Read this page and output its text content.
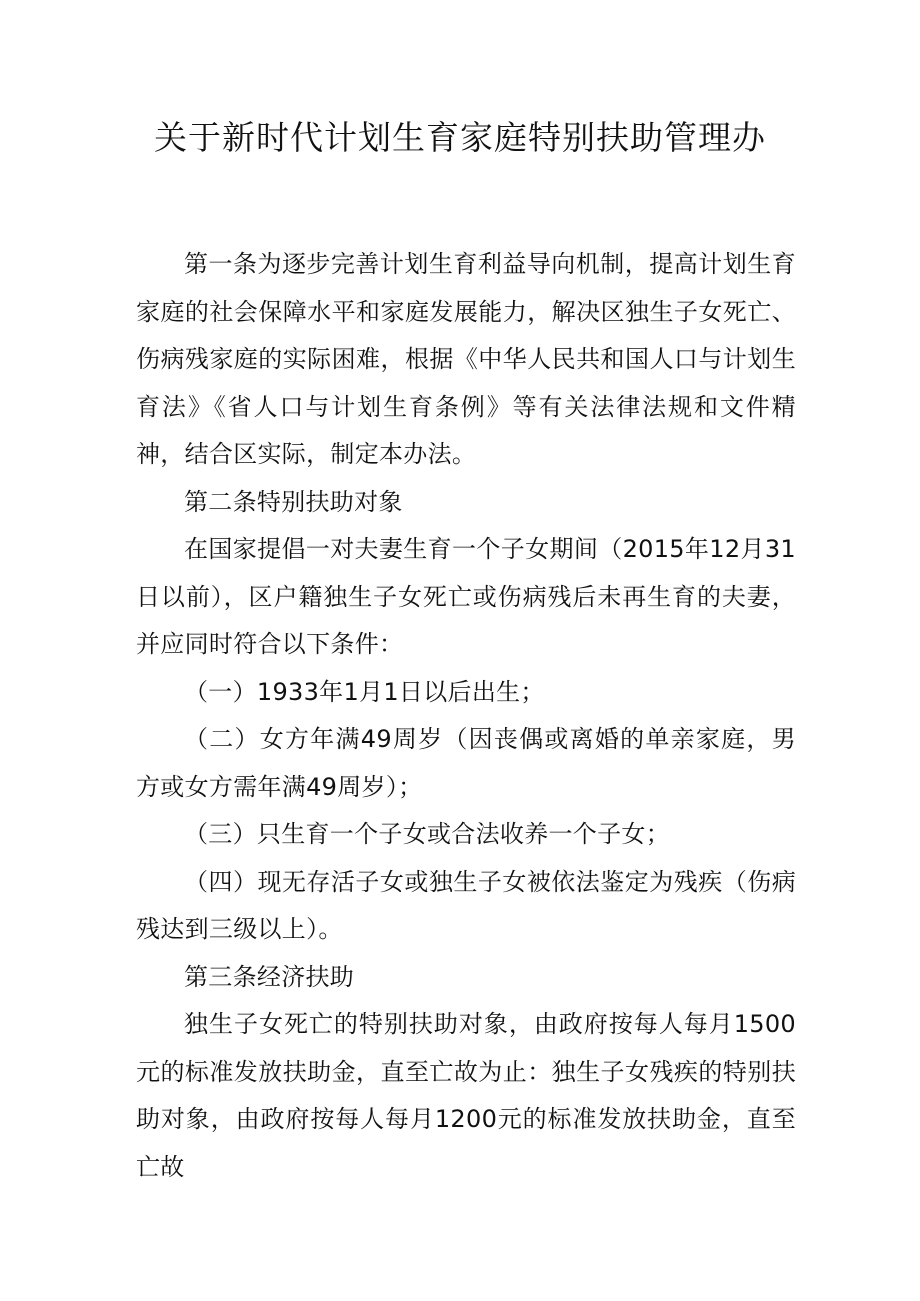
关于新时代计划生育家庭特别扶助管理办

第一条为逐步完善计划生育利益导向机制，提高计划生育家庭的社会保障水平和家庭发展能力，解决区独生子女死亡、伤病残家庭的实际困难，根据《中华人民共和国人口与计划生育法》《省人口与计划生育条例》等有关法律法规和文件精神，结合区实际，制定本办法。

第二条特别扶助对象

在国家提倡一对夫妻生育一个子女期间（2015年12月31日以前），区户籍独生子女死亡或伤病残后未再生育的夫妻，并应同时符合以下条件：

（一）1933年1月1日以后出生；

（二）女方年满49周岁（因丧偶或离婚的单亲家庭，男方或女方需年满49周岁）；

（三）只生育一个子女或合法收养一个子女；

（四）现无存活子女或独生子女被依法鉴定为残疾（伤病残达到三级以上）。

第三条经济扶助

独生子女死亡的特别扶助对象，由政府按每人每月1500元的标准发放扶助金，直至亡故为止：独生子女残疾的特别扶助对象，由政府按每人每月1200元的标准发放扶助金，直至亡故
